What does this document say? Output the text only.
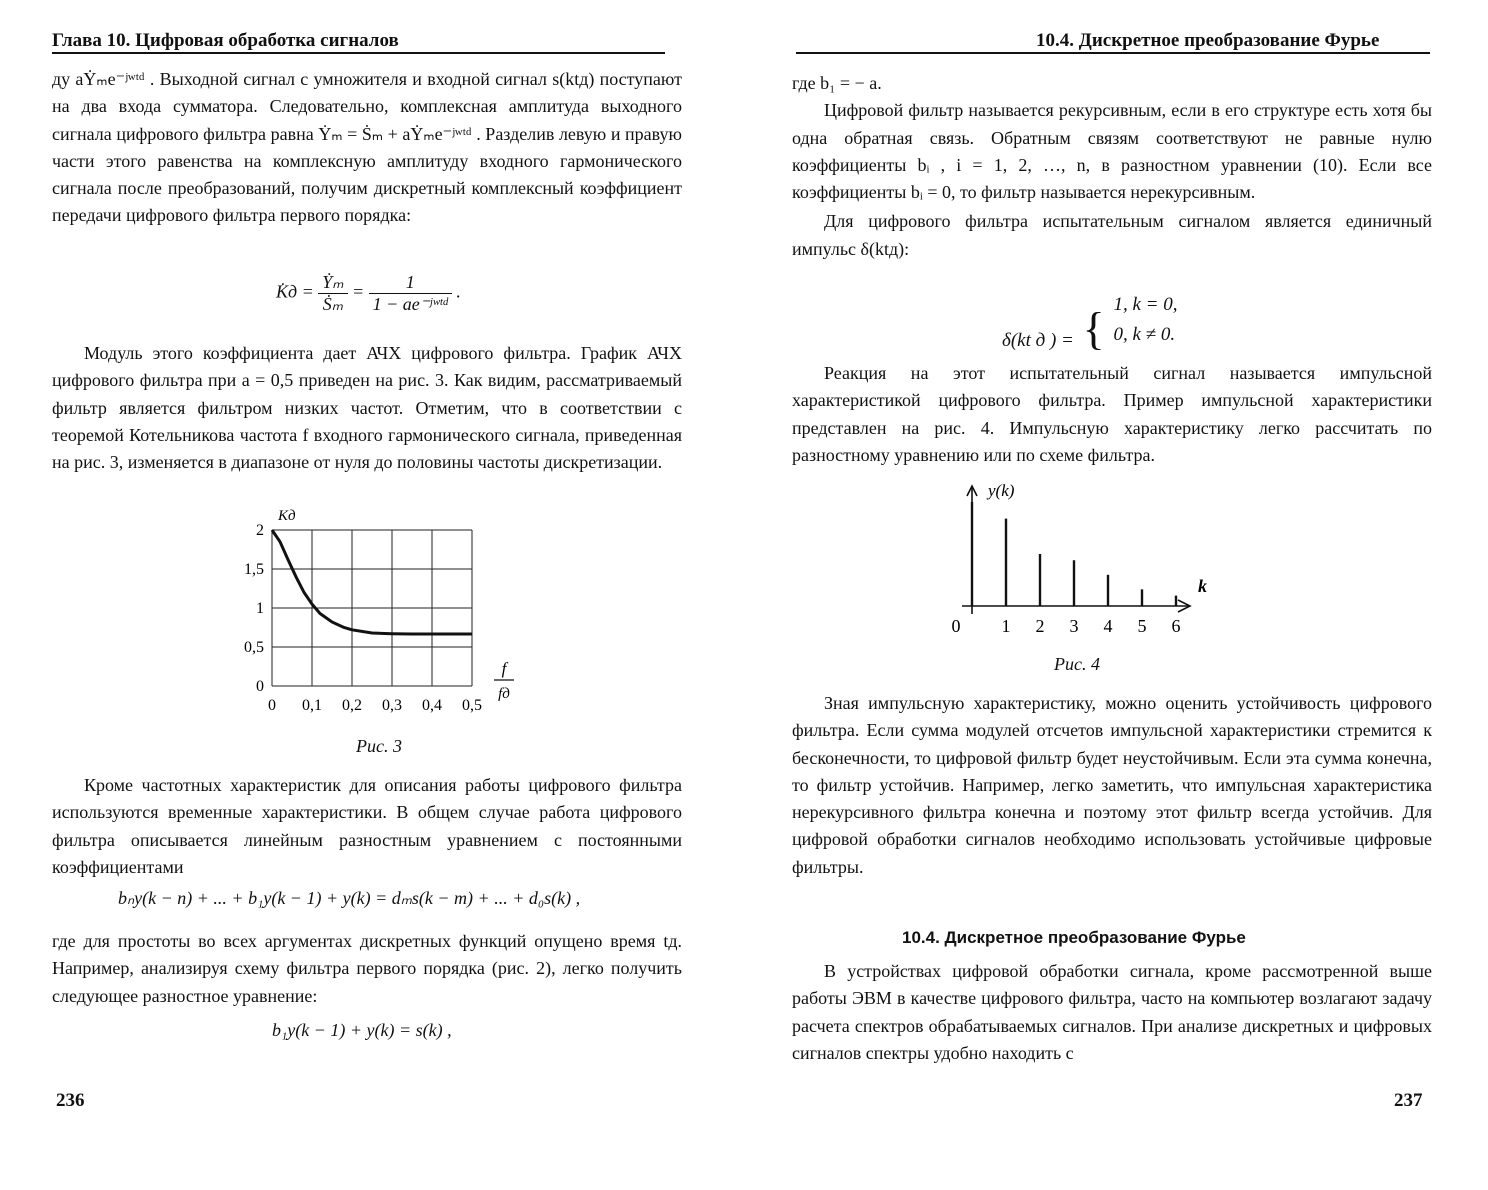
Глава 10. Цифровая обработка сигналов

ду aẎₘe⁻ʲʷᵗᵈ . Выходной сигнал с умножителя и входной сигнал s(ktд) поступают на два входа сумматора. Следовательно, комплексная амплитуда выходного сигнала цифрового фильтра равна Ẏₘ = Ṡₘ + aẎₘe⁻ʲʷᵗᵈ . Разделив левую и правую части этого равенства на комплексную амплитуду входного гармонического сигнала после преобразований, получим дискретный комплексный коэффициент передачи цифрового фильтра первого порядка:

K̇д = $\frac{\text{Ẏₘ}}{\text{Ṡₘ}} = \frac{1}{\text{1 − ae⁻ʲʷᵗᵈ}}$ .

Модуль этого коэффициента дает АЧХ цифрового фильтра. График АЧХ цифрового фильтра при a = 0,5 приведен на рис. 3. Как видим, рассматриваемый фильтр является фильтром низких частот. Отметим, что в соответствии с теоремой Котельникова частота f входного гармонического сигнала, приведенная на рис. 3, изменяется в диапазоне от нуля до половины частоты дискретизации.

0 0,1 0,2 0,3 0,4 0,5
0
0,5
1
1,5
2
Kд
f
fд
Рис. 3

Кроме частотных характеристик для описания работы цифрового фильтра используются временные характеристики. В общем случае работа цифрового фильтра описывается линейным разностным уравнением с постоянными коэффициентами

bₙy(k − n) + ... + b₁y(k − 1) + y(k) = dₘs(k − m) + ... + d₀s(k) ,

где для простоты во всех аргументах дискретных функций опущено время tд. Например, анализируя схему фильтра первого порядка (рис. 2), легко получить следующее разностное уравнение:

b₁y(k − 1) + y(k) = s(k) ,
236
10.4. Дискретное преобразование Фурье

где b₁ = − a.

Цифровой фильтр называется рекурсивным, если в его структуре есть хотя бы одна обратная связь. Обратным связям соответствуют не равные нулю коэффициенты bᵢ , i = 1, 2, …, n, в разностном уравнении (10). Если все коэффициенты bᵢ = 0, то фильтр называется нерекурсивным.

Для цифрового фильтра испытательным сигналом является единичный импульс δ(ktд):

δ(kt д ) = { 1, k = 0,
0, k ≠ 0.

Реакция на этот испытательный сигнал называется импульсной характеристикой цифрового фильтра. Пример импульсной характеристики представлен на рис. 4. Импульсную характеристику легко рассчитать по разностному уравнению или по схеме фильтра.

0 1 2 3 4 5 6
y(k)
k
Рис. 4

Зная импульсную характеристику, можно оценить устойчивость цифрового фильтра. Если сумма модулей отсчетов импульсной характеристики стремится к бесконечности, то цифровой фильтр будет неустойчивым. Если эта сумма конечна, то фильтр устойчив. Например, легко заметить, что импульсная характеристика нерекурсивного фильтра конечна и поэтому этот фильтр всегда устойчив. Для цифровой обработки сигналов необходимо использовать устойчивые цифровые фильтры.

10.4. Дискретное преобразование Фурье

В устройствах цифровой обработки сигнала, кроме рассмотренной выше работы ЭВМ в качестве цифрового фильтра, часто на компьютер возлагают задачу расчета спектров обрабатываемых сигналов. При анализе дискретных и цифровых сигналов спектры удобно находить с

237
